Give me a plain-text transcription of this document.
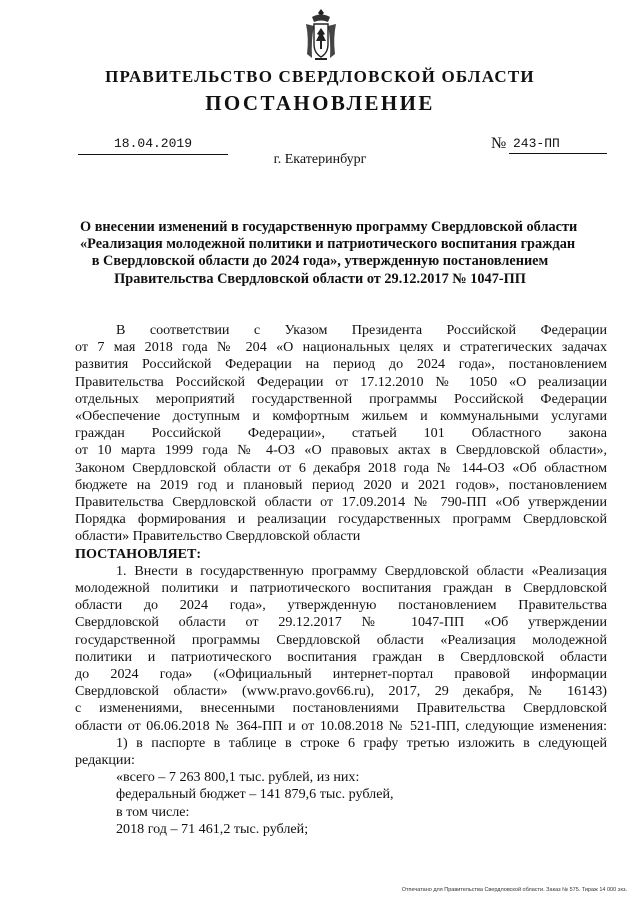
ПРАВИТЕЛЬСТВО СВЕРДЛОВСКОЙ ОБЛАСТИ
ПОСТАНОВЛЕНИЕ
18.04.2019	№ 243-ПП
г. Екатеринбург
О внесении изменений в государственную программу Свердловской области
«Реализация молодежной политики и патриотического воспитания граждан
в Свердловской области до 2024 года», утвержденную постановлением
Правительства Свердловской области от 29.12.2017 № 1047-ПП
В соответствии с Указом Президента Российской Федерации
от 7 мая 2018 года № 204 «О национальных целях и стратегических задачах
развития Российской Федерации на период до 2024 года», постановлением
Правительства Российской Федерации от 17.12.2010 № 1050 «О реализации
отдельных мероприятий государственной программы Российской Федерации
«Обеспечение доступным и комфортным жильем и коммунальными услугами
граждан Российской Федерации», статьей 101 Областного закона
от 10 марта 1999 года № 4-ОЗ «О правовых актах в Свердловской области»,
Законом Свердловской области от 6 декабря 2018 года № 144-ОЗ «Об областном
бюджете на 2019 год и плановый период 2020 и 2021 годов», постановлением
Правительства Свердловской области от 17.09.2014 № 790-ПП «Об утверждении
Порядка формирования и реализации государственных программ Свердловской
области» Правительство Свердловской области
ПОСТАНОВЛЯЕТ:
1. Внести в государственную программу Свердловской области «Реализация
молодежной политики и патриотического воспитания граждан в Свердловской
области до 2024 года», утвержденную постановлением Правительства
Свердловской области от 29.12.2017 № 1047-ПП «Об утверждении
государственной программы Свердловской области «Реализация молодежной
политики и патриотического воспитания граждан в Свердловской области
до 2024 года» («Официальный интернет-портал правовой информации
Свердловской области» (www.pravo.gov66.ru), 2017, 29 декабря, № 16143)
с изменениями, внесенными постановлениями Правительства Свердловской
области от 06.06.2018 № 364-ПП и от 10.08.2018 № 521-ПП, следующие изменения:
1) в паспорте в таблице в строке 6 графу третью изложить в следующей
редакции:
«всего – 7 263 800,1 тыс. рублей, из них:
федеральный бюджет – 141 879,6 тыс. рублей,
в том числе:
2018 год – 71 461,2 тыс. рублей;
Отпечатано для Правительства Свердловской области. Заказ № 575. Тираж 14 000 экз.
